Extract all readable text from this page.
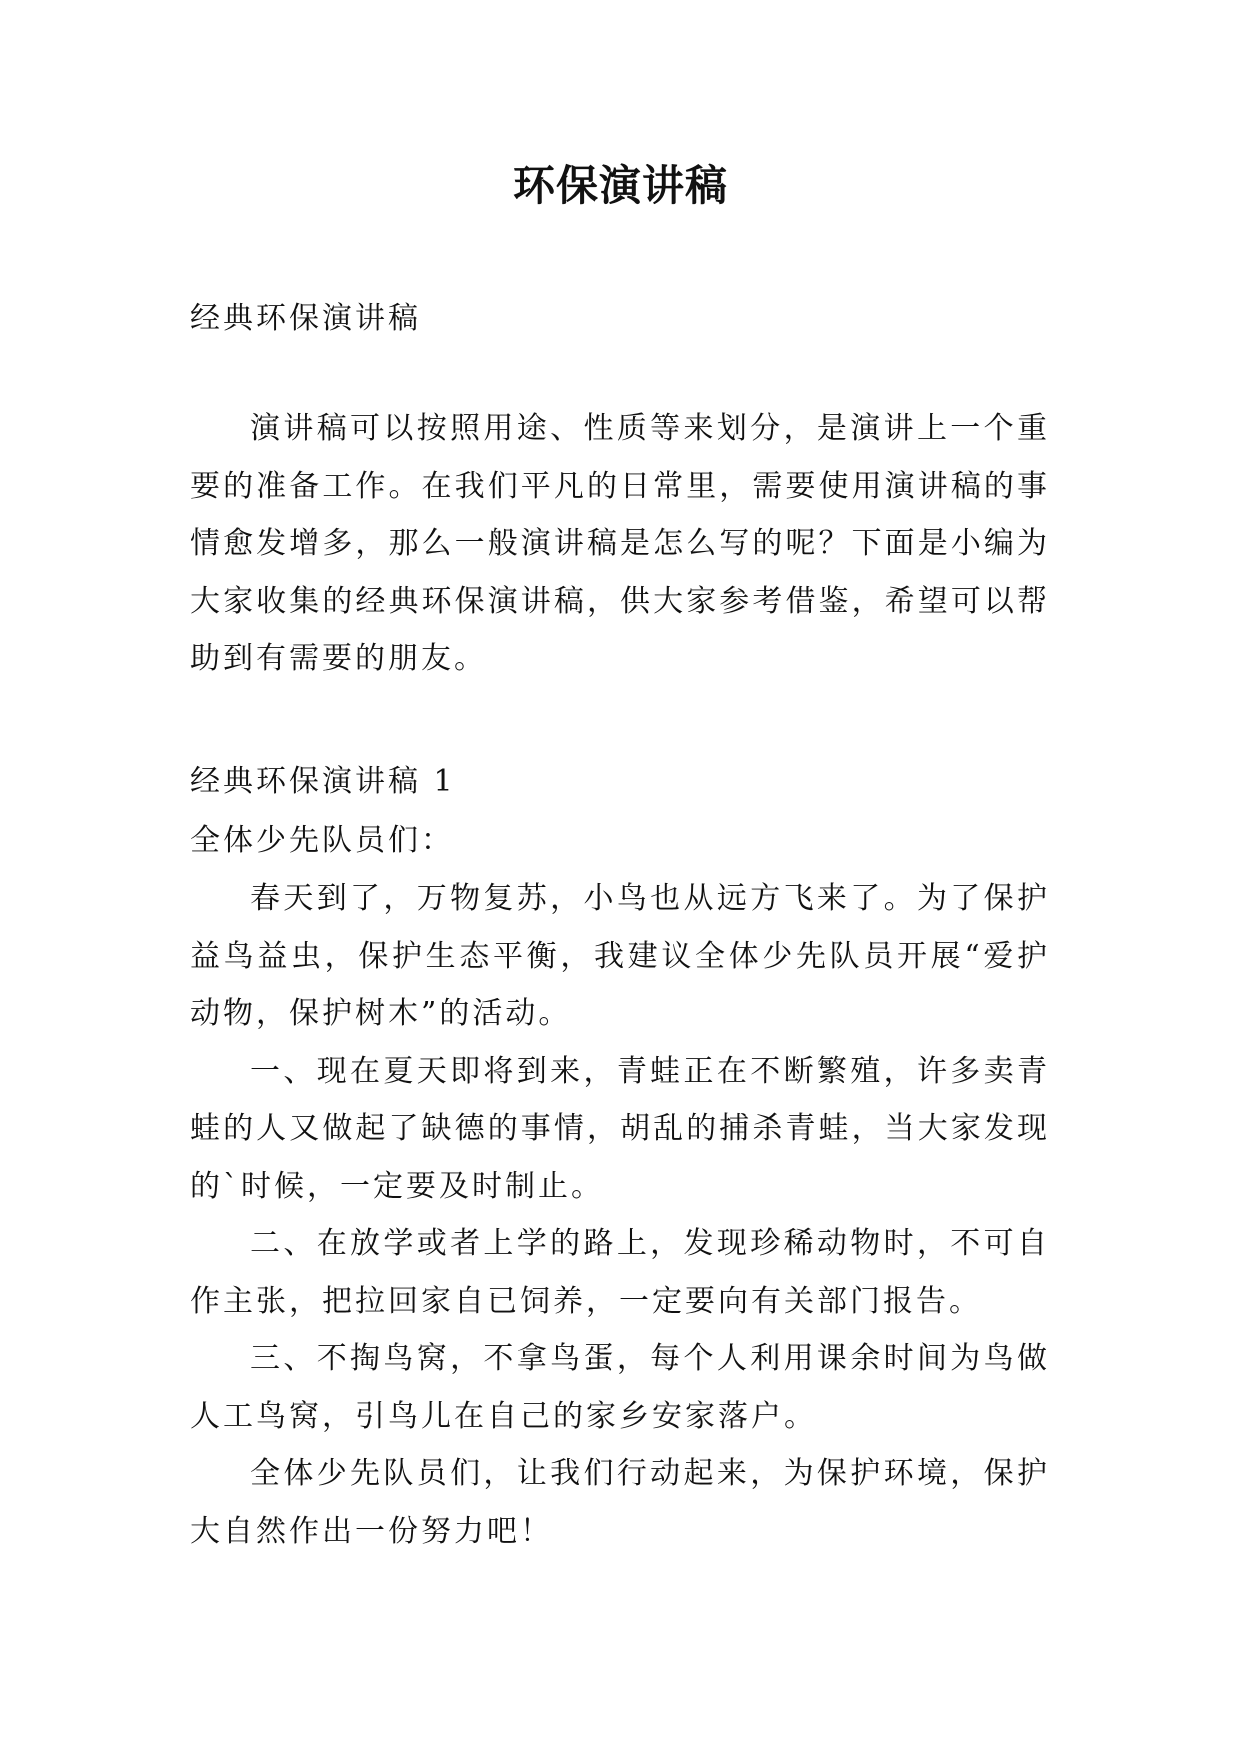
环保演讲稿

经典环保演讲稿

演讲稿可以按照用途、性质等来划分，是演讲上一个重要的准备工作。在我们平凡的日常里，需要使用演讲稿的事情愈发增多，那么一般演讲稿是怎么写的呢？下面是小编为大家收集的经典环保演讲稿，供大家参考借鉴，希望可以帮助到有需要的朋友。

经典环保演讲稿 1

全体少先队员们：

春天到了，万物复苏，小鸟也从远方飞来了。为了保护益鸟益虫，保护生态平衡，我建议全体少先队员开展“爱护动物，保护树木”的活动。

一、现在夏天即将到来，青蛙正在不断繁殖，许多卖青蛙的人又做起了缺德的事情，胡乱的捕杀青蛙，当大家发现的`时候，一定要及时制止。

二、在放学或者上学的路上，发现珍稀动物时，不可自作主张，把拉回家自已饲养，一定要向有关部门报告。

三、不掏鸟窝，不拿鸟蛋，每个人利用课余时间为鸟做人工鸟窝，引鸟儿在自己的家乡安家落户。

全体少先队员们，让我们行动起来，为保护环境，保护大自然作出一份努力吧！
